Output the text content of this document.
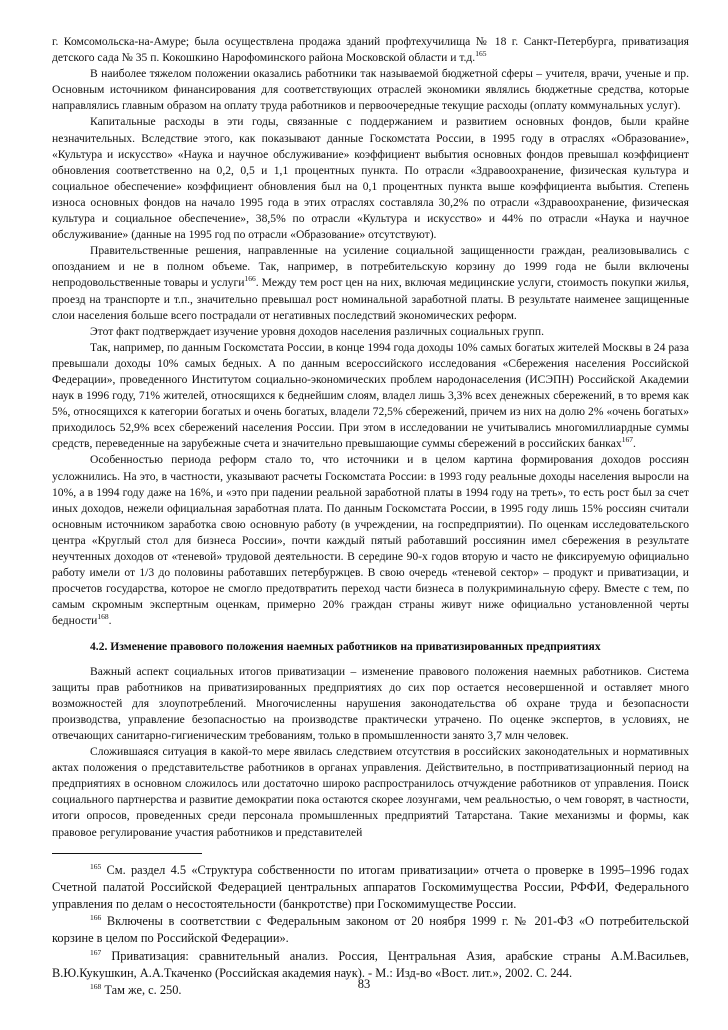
г. Комсомольска-на-Амуре; была осуществлена продажа зданий профтехучилища № 18 г. Санкт-Петербурга, приватизация детского сада № 35 п. Кокошкино Нарофоминского района Московской области и т.д.$^{165}$

В наиболее тяжелом положении оказались работники так называемой бюджетной сферы – учителя, врачи, ученые и пр. Основным источником финансирования для соответствующих отраслей экономики являлись бюджетные средства, которые направлялись главным образом на оплату труда работников и первоочередные текущие расходы (оплату коммунальных услуг).

Капитальные расходы в эти годы, связанные с поддержанием и развитием основных фондов, были крайне незначительных. Вследствие этого, как показывают данные Госкомстата России, в 1995 году в отраслях «Образование», «Культура и искусство» «Наука и научное обслуживание» коэффициент выбытия основных фондов превышал коэффициент обновления соответственно на 0,2, 0,5 и 1,1 процентных пункта. По отрасли «Здравоохранение, физическая культура и социальное обеспечение» коэффициент обновления был на 0,1 процентных пункта выше коэффициента выбытия. Степень износа основных фондов на начало 1995 года в этих отраслях составляла 30,2% по отрасли «Здравоохранение, физическая культура и социальное обеспечение», 38,5% по отрасли «Культура и искусство» и 44% по отрасли «Наука и научное обслуживание» (данные на 1995 год по отрасли «Образование» отсутствуют).

Правительственные решения, направленные на усиление социальной защищенности граждан, реализовывались с опозданием и не в полном объеме. Так, например, в потребительскую корзину до 1999 года не были включены непродовольственные товары и услуги$^{166}$. Между тем рост цен на них, включая медицинские услуги, стоимость покупки жилья, проезд на транспорте и т.п., значительно превышал рост номинальной заработной платы. В результате наименее защищенные слои населения больше всего пострадали от негативных последствий экономических реформ.

Этот факт подтверждает изучение уровня доходов населения различных социальных групп.

Так, например, по данным Госкомстата России, в конце 1994 года доходы 10% самых богатых жителей Москвы в 24 раза превышали доходы 10% самых бедных. А по данным всероссийского исследования «Сбережения населения Российской Федерации», проведенного Институтом социально-экономических проблем народонаселения (ИСЭПН) Российской Академии наук в 1996 году, 71% жителей, относящихся к беднейшим слоям, владел лишь 3,3% всех денежных сбережений, в то время как 5%, относящихся к категории богатых и очень богатых, владели 72,5% сбережений, причем из них на долю 2% «очень богатых» приходилось 52,9% всех сбережений населения России. При этом в исследовании не учитывались многомиллиардные суммы средств, переведенные на зарубежные счета и значительно превышающие суммы сбережений в российских банках$^{167}$.

Особенностью периода реформ стало то, что источники и в целом картина формирования доходов россиян усложнились. На это, в частности, указывают расчеты Госкомстата России: в 1993 году реальные доходы населения выросли на 10%, а в 1994 году даже на 16%, и «это при падении реальной заработной платы в 1994 году на треть», то есть рост был за счет иных доходов, нежели официальная заработная плата. По данным Госкомстата России, в 1995 году лишь 15% россиян считали основным источником заработка свою основную работу (в учреждении, на госпредприятии). По оценкам исследовательского центра «Круглый стол для бизнеса России», почти каждый пятый работавший россиянин имел сбережения в результате неучтенных доходов от «теневой» трудовой деятельности. В середине 90-х годов вторую и часто не фиксируемую официально работу имели от 1/3 до половины работавших петербуржцев. В свою очередь «теневой сектор» – продукт и приватизации, и просчетов государства, которое не смогло предотвратить переход части бизнеса в полукриминальную сферу. Вместе с тем, по самым скромным экспертным оценкам, примерно 20% граждан страны живут ниже официально установленной черты бедности$^{168}$.

4.2. Изменение правового положения наемных работников на приватизированных предприятиях

Важный аспект социальных итогов приватизации – изменение правового положения наемных работников. Система защиты прав работников на приватизированных предприятиях до сих пор остается несовершенной и оставляет много возможностей для злоупотреблений. Многочисленны нарушения законодательства об охране труда и безопасности производства, управление безопасностью на производстве практически утрачено. По оценке экспертов, в условиях, не отвечающих санитарно-гигиеническим требованиям, только в промышленности занято 3,7 млн человек.

Сложившаяся ситуация в какой-то мере явилась следствием отсутствия в российских законодательных и нормативных актах положения о представительстве работников в органах управления. Действительно, в постприватизационный период на предприятиях в основном сложилось или достаточно широко распространилось отчуждение работников от управления. Поиск социального партнерства и развитие демократии пока остаются скорее лозунгами, чем реальностью, о чем говорят, в частности, итоги опросов, проведенных среди персонала промышленных предприятий Татарстана. Такие механизмы и формы, как правовое регулирование участия работников и представителей

$^{165}$ См. раздел 4.5 «Структура собственности по итогам приватизации» отчета о проверке в 1995–1996 годах Счетной палатой Российской Федерацией центральных аппаратов Госкомимущества России, РФФИ, Федерального управления по делам о несостоятельности (банкротстве) при Госкомимуществе России.

$^{166}$ Включены в соответствии с Федеральным законом от 20 ноября 1999 г. № 201-ФЗ «О потребительской корзине в целом по Российской Федерации».

$^{167}$ Приватизация: сравнительный анализ. Россия, Центральная Азия, арабские страны А.М.Васильев, В.Ю.Кукушкин, А.А.Ткаченко (Российская академия наук). - М.: Изд-во «Вост. лит.», 2002. С. 244.

$^{168}$ Там же, с. 250.	83
